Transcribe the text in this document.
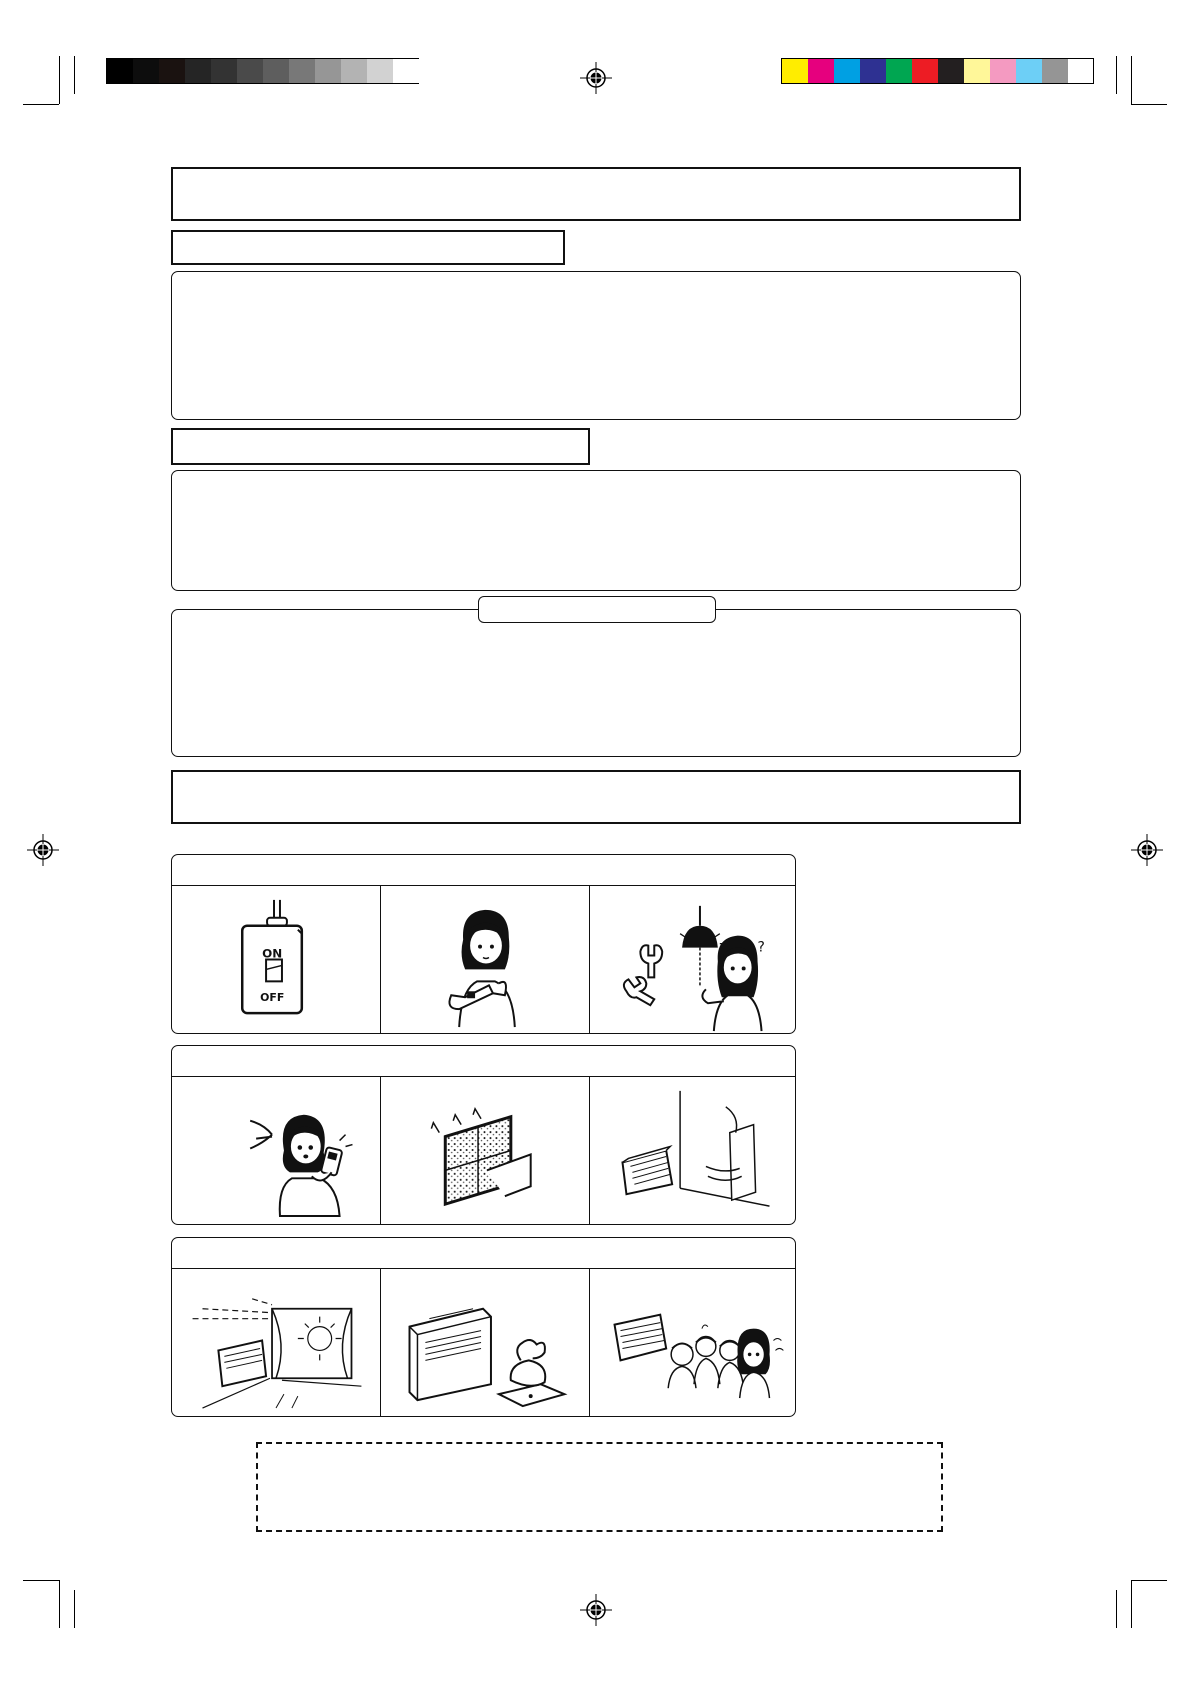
ON
OFF
?
